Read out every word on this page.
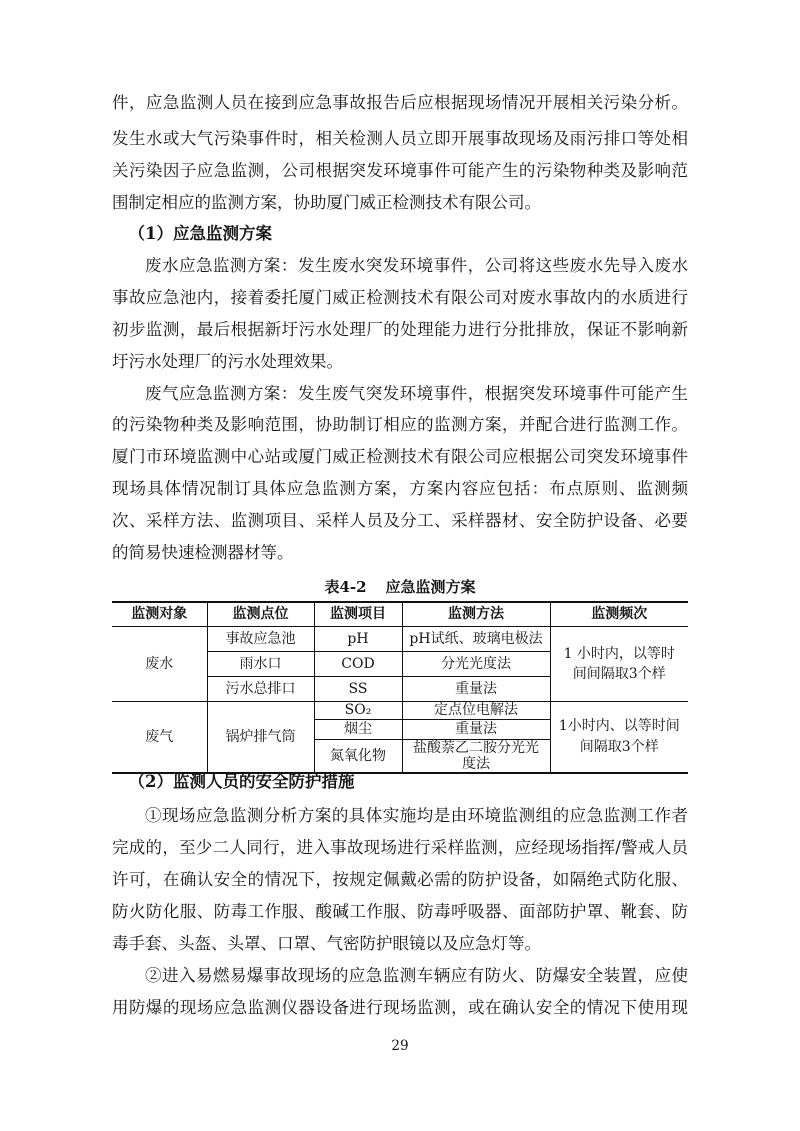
件，应急监测人员在接到应急事故报告后应根据现场情况开展相关污染分析。
发生水或大气污染事件时，相关检测人员立即开展事故现场及雨污排口等处相
关污染因子应急监测，公司根据突发环境事件可能产生的污染物种类及影响范
围制定相应的监测方案，协助厦门威正检测技术有限公司。
（1）应急监测方案
废水应急监测方案：发生废水突发环境事件，公司将这些废水先导入废水
事故应急池内，接着委托厦门威正检测技术有限公司对废水事故内的水质进行
初步监测，最后根据新圩污水处理厂的处理能力进行分批排放，保证不影响新
圩污水处理厂的污水处理效果。
废气应急监测方案：发生废气突发环境事件，根据突发环境事件可能产生
的污染物种类及影响范围，协助制订相应的监测方案，并配合进行监测工作。
厦门市环境监测中心站或厦门威正检测技术有限公司应根据公司突发环境事件
现场具体情况制订具体应急监测方案，方案内容应包括：布点原则、监测频
次、采样方法、监测项目、采样人员及分工、采样器材、安全防护设备、必要
的简易快速检测器材等。
表4-2 应急监测方案
监测对象	监测点位	监测项目	监测方法	监测频次
废水	事故应急池	pH	pH试纸、玻璃电极法	1 小时内，以等时
间间隔取3个样

	雨水口	COD	分光光度法	

	污水总排口	SS	重量法	

废气	锅炉排气筒	SO₂	定点位电解法	1小时内、以等时间
间隔取3个样

		烟尘	重量法	

		氮氧化物	盐酸萘乙二胺分光光
度法	
（2）监测人员的安全防护措施
①现场应急监测分析方案的具体实施均是由环境监测组的应急监测工作者
完成的，至少二人同行，进入事故现场进行采样监测，应经现场指挥/警戒人员
许可，在确认安全的情况下，按规定佩戴必需的防护设备，如隔绝式防化服、
防火防化服、防毒工作服、酸碱工作服、防毒呼吸器、面部防护罩、靴套、防
毒手套、头盔、头罩、口罩、气密防护眼镜以及应急灯等。
②进入易燃易爆事故现场的应急监测车辆应有防火、防爆安全装置，应使
用防爆的现场应急监测仪器设备进行现场监测，或在确认安全的情况下使用现
29
